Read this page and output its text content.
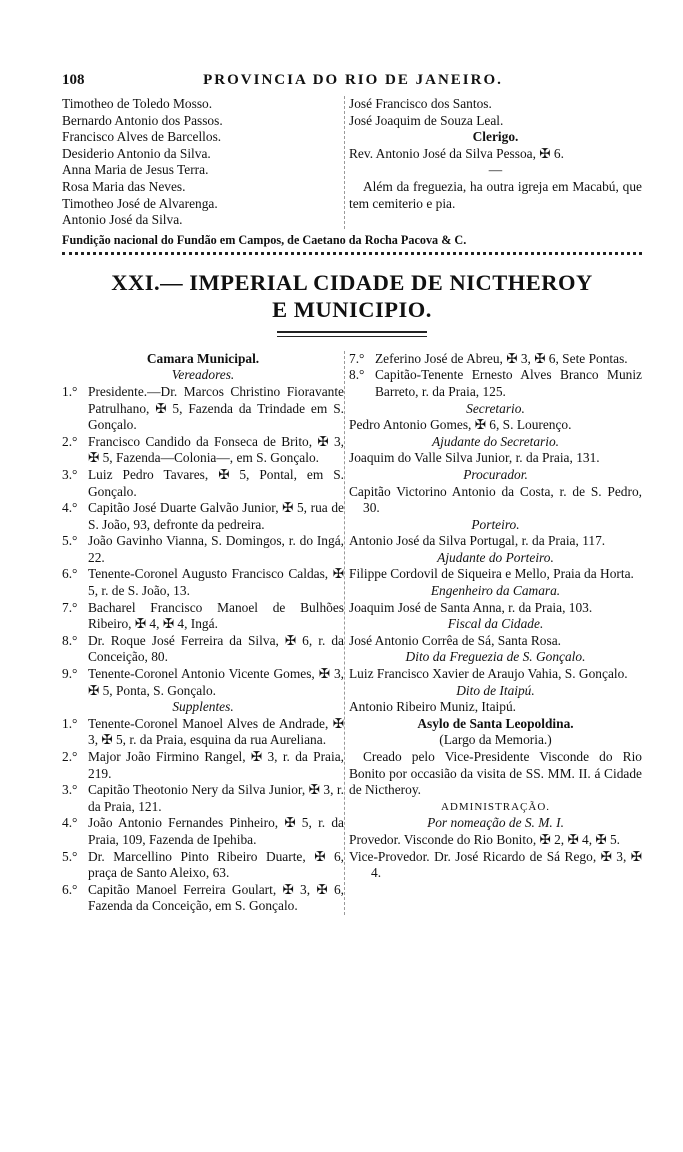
108	PROVINCIA DO RIO DE JANEIRO.
Timotheo de Toledo Mosso.
Bernardo Antonio dos Passos.
Francisco Alves de Barcellos.
Desiderio Antonio da Silva.
Anna Maria de Jesus Terra.
Rosa Maria das Neves.
Timotheo José de Alvarenga.
Antonio José da Silva.
José Francisco dos Santos.
José Joaquim de Souza Leal.
Clerigo.
Rev. Antonio José da Silva Pessoa, ✠ 6.
—
Além da freguezia, ha outra igreja em Macabú, que tem cemiterio e pia.
Fundição nacional do Fundão em Campos, de Caetano da Rocha Pacova & C.
XXI.— IMPERIAL CIDADE DE NICTHEROY
E MUNICIPIO.
Camara Municipal.
Vereadores.
1.° Presidente.—Dr. Marcos Christino Fioravante Patrulhano, ✠ 5, Fazenda da Trindade em S. Gonçalo.
2.° Francisco Candido da Fonseca de Brito, ✠ 3, ✠ 5, Fazenda—Colonia—, em S. Gonçalo.
3.° Luiz Pedro Tavares, ✠ 5, Pontal, em S. Gonçalo.
4.° Capitão José Duarte Galvão Junior, ✠ 5, rua de S. João, 93, defronte da pedreira.
5.° João Gavinho Vianna, S. Domingos, r. do Ingá, 22.
6.° Tenente-Coronel Augusto Francisco Caldas, ✠ 5, r. de S. João, 13.
7.° Bacharel Francisco Manoel de Bulhões Ribeiro, ✠ 4, ✠ 4, Ingá.
8.° Dr. Roque José Ferreira da Silva, ✠ 6, r. da Conceição, 80.
9.° Tenente-Coronel Antonio Vicente Gomes, ✠ 3, ✠ 5, Ponta, S. Gonçalo.
Supplentes.
1.° Tenente-Coronel Manoel Alves de Andrade, ✠ 3, ✠ 5, r. da Praia, esquina da rua Aureliana.
2.° Major João Firmino Rangel, ✠ 3, r. da Praia, 219.
3.° Capitão Theotonio Nery da Silva Junior, ✠ 3, r. da Praia, 121.
4.° João Antonio Fernandes Pinheiro, ✠ 5, r. da Praia, 109, Fazenda de Ipehiba.
5.° Dr. Marcellino Pinto Ribeiro Duarte, ✠ 6, praça de Santo Aleixo, 63.
6.° Capitão Manoel Ferreira Goulart, ✠ 3, ✠ 6, Fazenda da Conceição, em S. Gonçalo.
7.° Zeferino José de Abreu, ✠ 3, ✠ 6, Sete Pontas.
8.° Capitão-Tenente Ernesto Alves Branco Muniz Barreto, r. da Praia, 125.
Secretario.
Pedro Antonio Gomes, ✠ 6, S. Lourenço.
Ajudante do Secretario.
Joaquim do Valle Silva Junior, r. da Praia, 131.
Procurador.
Capitão Victorino Antonio da Costa, r. de S. Pedro, 30.
Porteiro.
Antonio José da Silva Portugal, r. da Praia, 117.
Ajudante do Porteiro.
Filippe Cordovil de Siqueira e Mello, Praia da Horta.
Engenheiro da Camara.
Joaquim José de Santa Anna, r. da Praia, 103.
Fiscal da Cidade.
José Antonio Corrêa de Sá, Santa Rosa.
Dito da Freguezia de S. Gonçalo.
Luiz Francisco Xavier de Araujo Vahia, S. Gonçalo.
Dito de Itaipú.
Antonio Ribeiro Muniz, Itaipú.
Asylo de Santa Leopoldina.
(Largo da Memoria.)
Creado pelo Vice-Presidente Visconde do Rio Bonito por occasião da visita de SS. MM. II. á Cidade de Nictheroy.
ADMINISTRAÇÃO.
Por nomeação de S. M. I.
Provedor. Visconde do Rio Bonito, ✠ 2, ✠ 4, ✠ 5.
Vice-Provedor. Dr. José Ricardo de Sá Rego, ✠ 3, ✠ 4.
